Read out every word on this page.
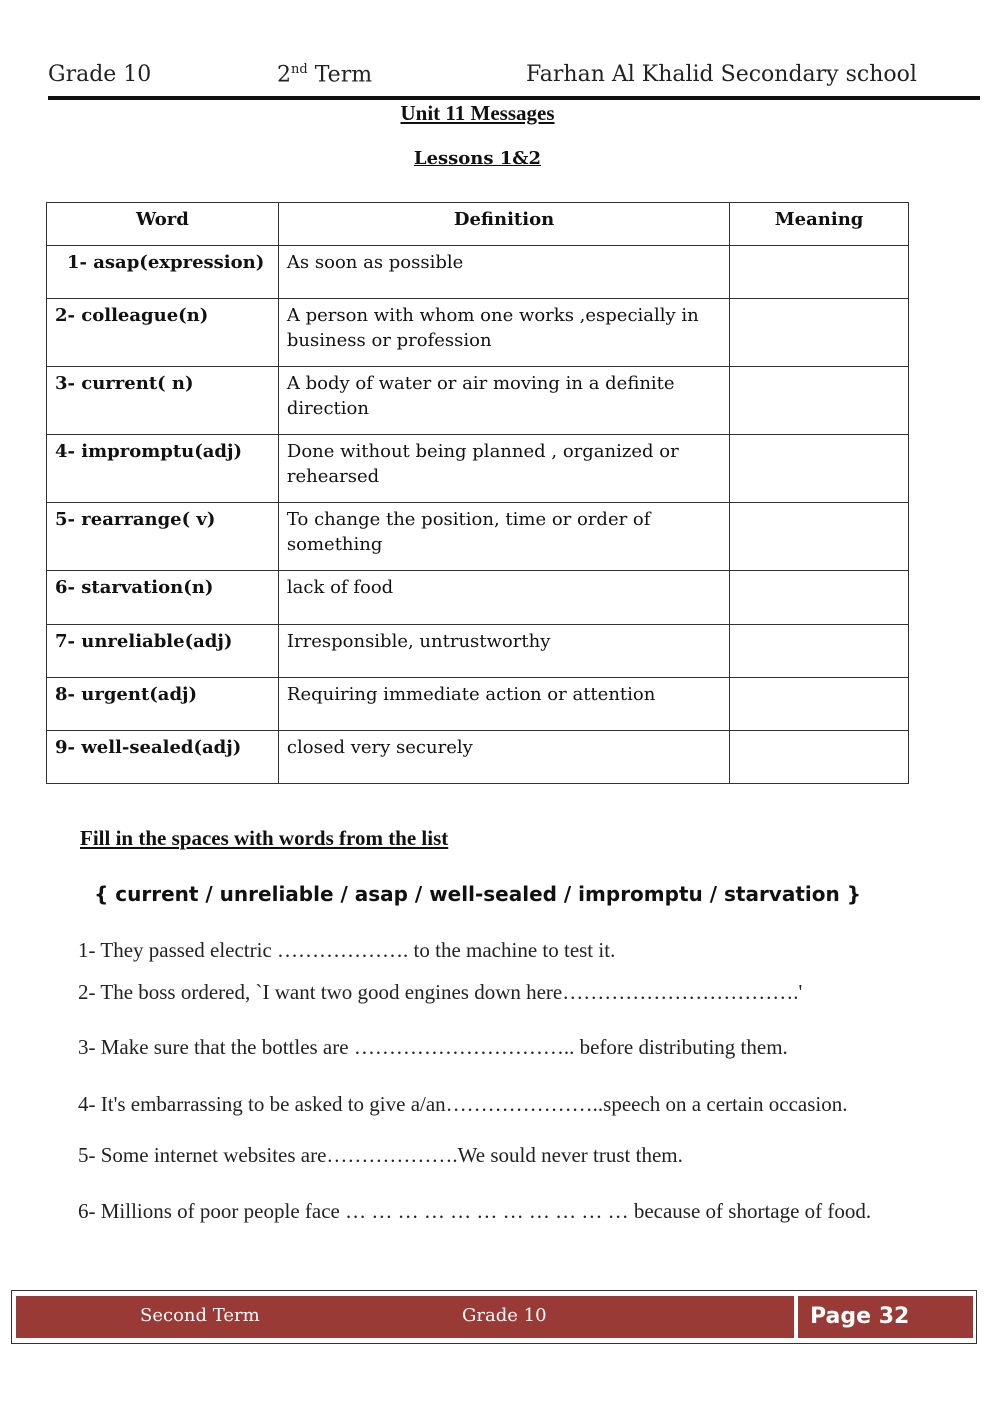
Grade 10	2nd Term	Farhan Al Khalid Secondary school
Unit 11 Messages
Lessons 1&2
Word	Definition	Meaning
1- asap(expression)	As soon as possible	
2- colleague(n)	A person with whom one works ,especially in business or profession	
3- current( n)	A body of water or air moving in a definite direction	
4- impromptu(adj)	Done without being planned , organized or rehearsed	
5- rearrange( v)	To change the position, time or order of something	
6- starvation(n)	lack of food	
7- unreliable(adj)	Irresponsible, untrustworthy	
8- urgent(adj)	Requiring immediate action or attention	
9- well-sealed(adj)	closed very securely	
Fill in the spaces with words from the list
{ current / unreliable / asap / well-sealed / impromptu / starvation }
1- They passed electric ………………. to the machine to test it.
2- The boss ordered, `I want two good engines down here…………………………….'
3- Make sure that the bottles are ………………………….. before distributing them.
4- It's embarrassing to be asked to give a/an…………………..speech on a certain occasion.
5- Some internet websites are……………….We sould never trust them.
6- Millions of poor people face … … … … … … … … … … … because of shortage of food.
Second Term	Grade 10	Page 32
